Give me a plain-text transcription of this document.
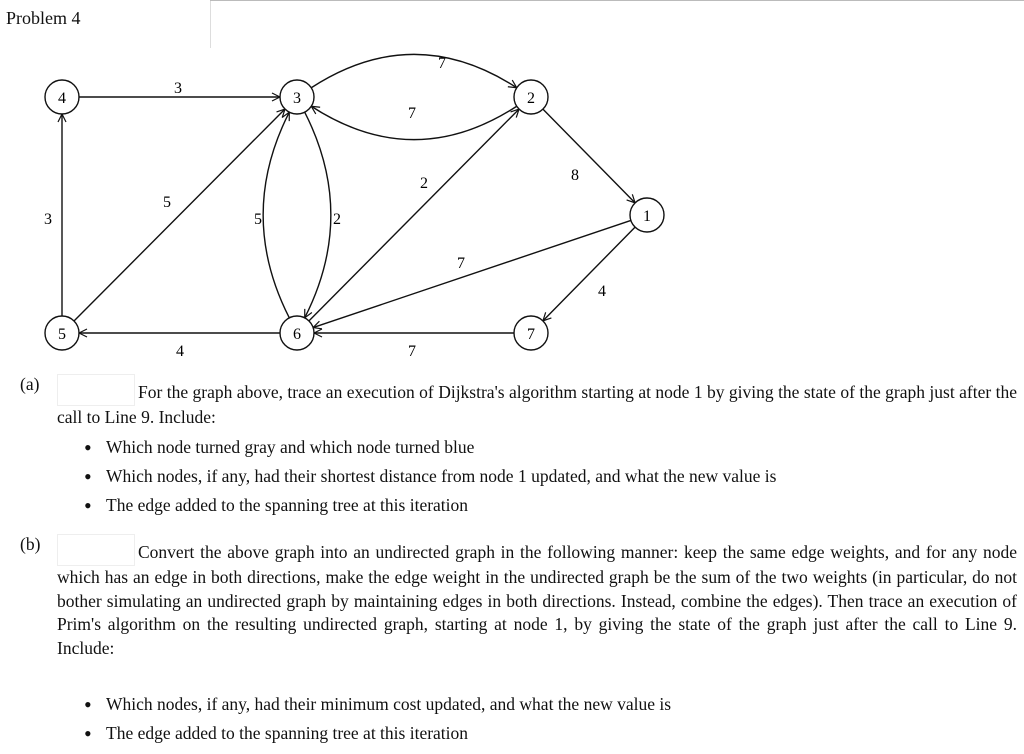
Problem 4
3
7
7
8
3
5
5	2
2
7
4
7
4
4	3	2
1
5	6	7
(a)	For the graph above, trace an execution of Dijkstra's algorithm starting at node 1 by giving the state of the graph just after the call to Line 9. Include:
• Which node turned gray and which node turned blue
• Which nodes, if any, had their shortest distance from node 1 updated, and what the new value is
• The edge added to the spanning tree at this iteration
(b)	Convert the above graph into an undirected graph in the following manner: keep the same edge weights, and for any node which has an edge in both directions, make the edge weight in the undirected graph be the sum of the two weights (in particular, do not bother simulating an undirected graph by maintaining edges in both directions. Instead, combine the edges). Then trace an execution of Prim's algorithm on the resulting undirected graph, starting at node 1, by giving the state of the graph just after the call to Line 9. Include:
• Which nodes, if any, had their minimum cost updated, and what the new value is
• The edge added to the spanning tree at this iteration
